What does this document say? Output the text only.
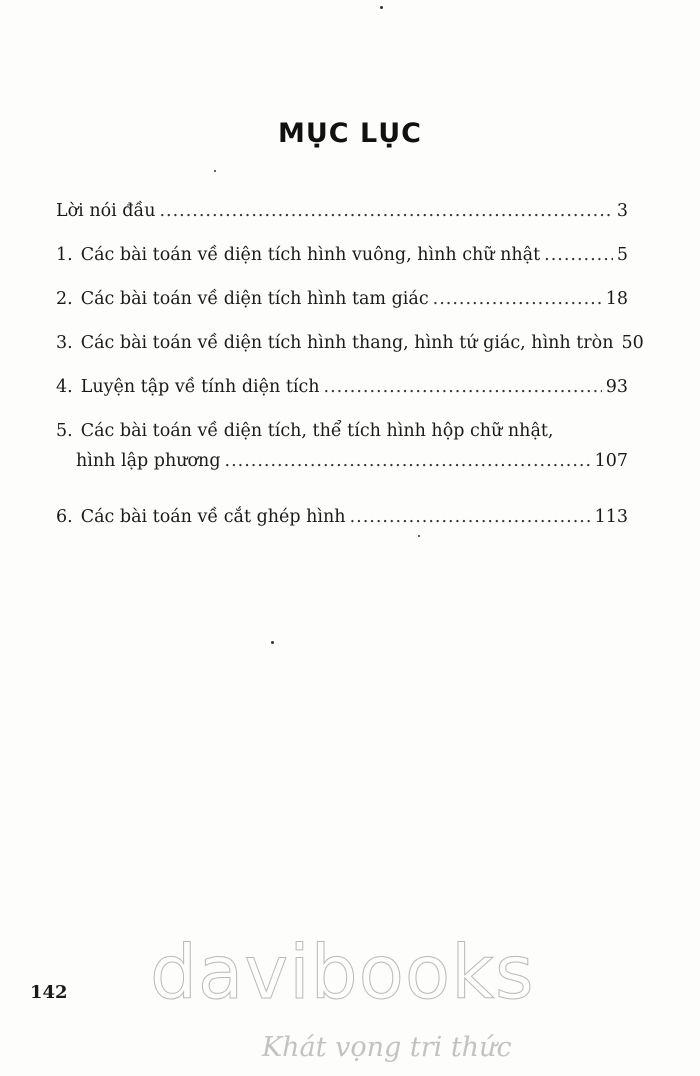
MỤC LỤC
Lời nói đầu .....	3
1. Các bài toán về diện tích hình vuông, hình chữ nhật .....	5
2. Các bài toán về diện tích hình tam giác .....	18
3. Các bài toán về diện tích hình thang, hình tứ giác, hình tròn 50
4. Luyện tập về tính diện tích .....	93
5. Các bài toán về diện tích, thể tích hình hộp chữ nhật,
hình lập phương .....	107
6. Các bài toán về cắt ghép hình .....	113
142 davibooks
Khát vọng tri thức
